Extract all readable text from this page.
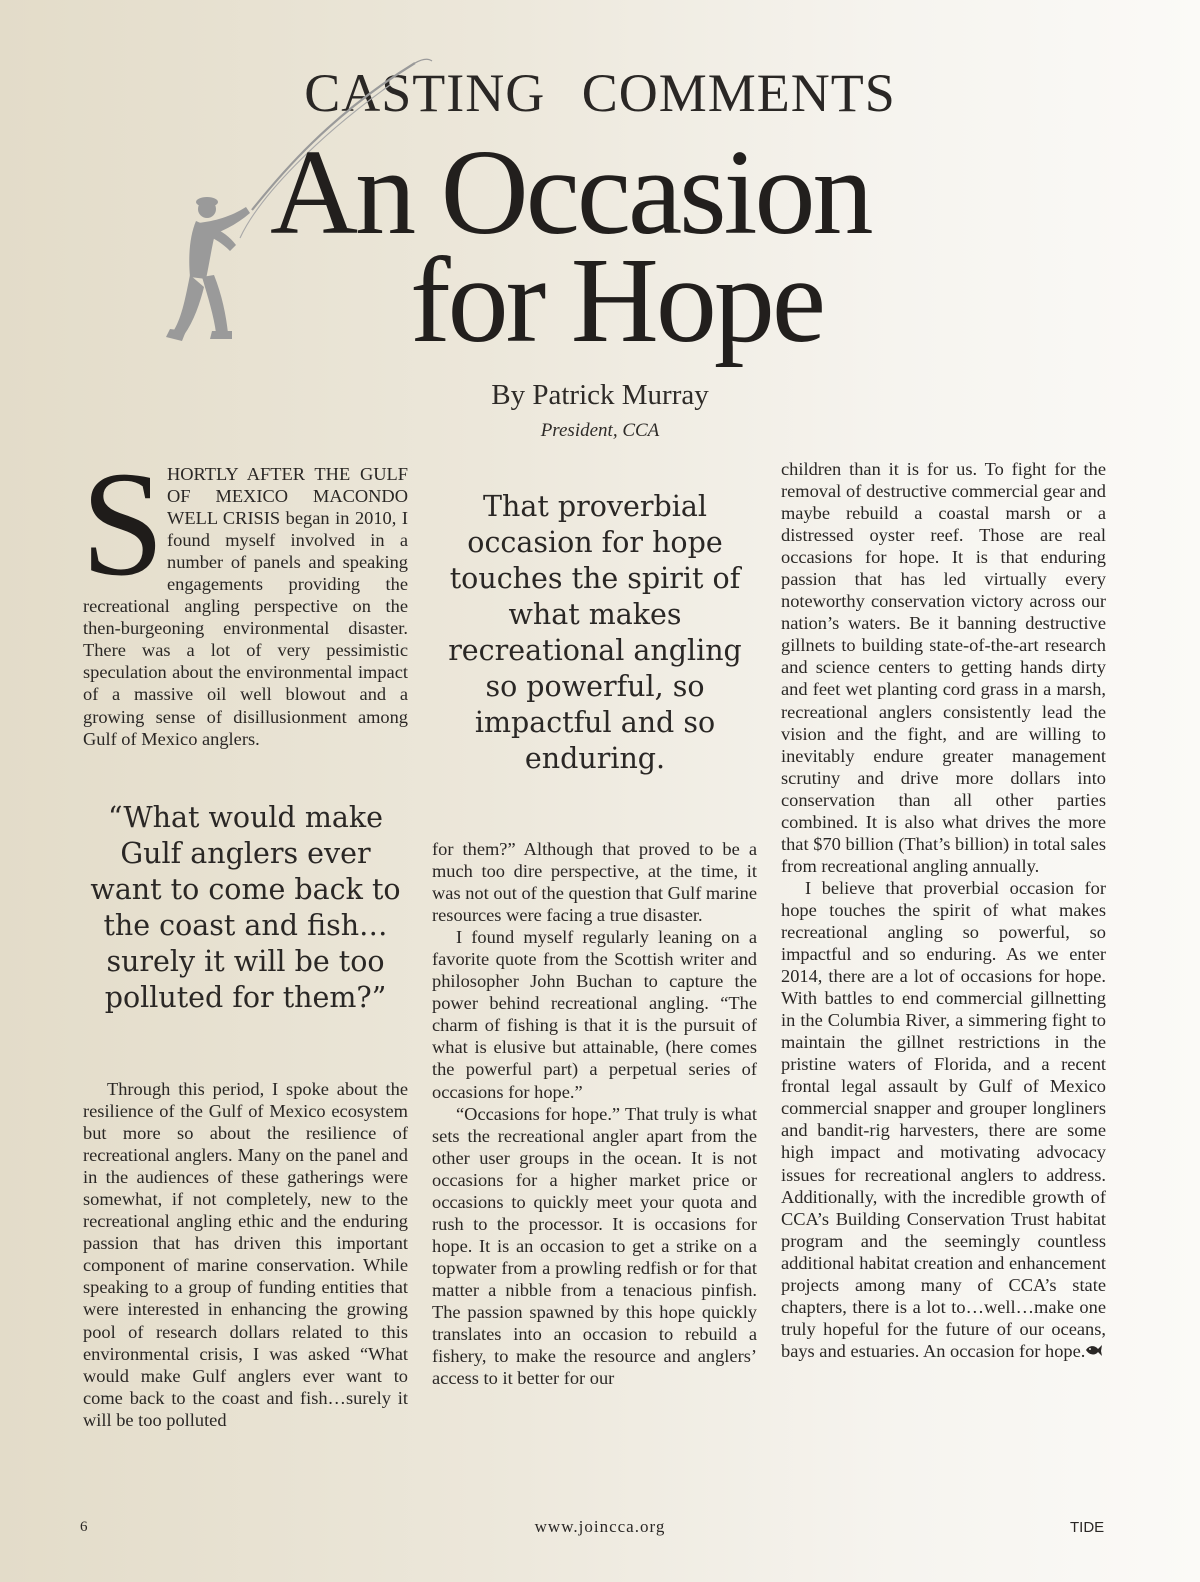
CASTING COMMENTS
An Occasion
for Hope
By Patrick Murray
President, CCA
SHORTLY AFTER THE GULF OF MEXICO MACONDO WELL CRISIS began in 2010, I found myself involved in a number of panels and speaking engagements providing the recreational angling perspective on the then-burgeoning environmental disaster. There was a lot of very pessimistic speculation about the environmental impact of a massive oil well blowout and a growing sense of disillusionment among Gulf of Mexico anglers.
“What would make Gulf anglers ever want to come back to the coast and fish…surely it will be too polluted for them?”
That proverbial occasion for hope touches the spirit of what makes recreational angling so powerful, so impactful and so enduring.

Through this period, I spoke about the resilience of the Gulf of Mexico ecosystem but more so about the resilience of recreational anglers. Many on the panel and in the audiences of these gatherings were somewhat, if not completely, new to the recreational angling ethic and the enduring passion that has driven this important component of marine conservation. While speaking to a group of funding entities that were interested in enhancing the growing pool of research dollars related to this environmental crisis, I was asked “What would make Gulf anglers ever want to come back to the coast and fish…surely it will be too polluted

for them?” Although that proved to be a much too dire perspective, at the time, it was not out of the question that Gulf marine resources were facing a true disaster.

I found myself regularly leaning on a favorite quote from the Scottish writer and philosopher John Buchan to capture the power behind recreational angling. “The charm of fishing is that it is the pursuit of what is elusive but attainable, (here comes the powerful part) a perpetual series of occasions for hope.”

“Occasions for hope.” That truly is what sets the recreational angler apart from the other user groups in the ocean. It is not occasions for a higher market price or occasions to quickly meet your quota and rush to the processor. It is occasions for hope. It is an occasion to get a strike on a topwater from a prowling redfish or for that matter a nibble from a tenacious pinfish. The passion spawned by this hope quickly translates into an occasion to rebuild a fishery, to make the resource and anglers’ access to it better for our

children than it is for us. To fight for the removal of destructive commercial gear and maybe rebuild a coastal marsh or a distressed oyster reef. Those are real occasions for hope. It is that enduring passion that has led virtually every noteworthy conservation victory across our nation’s waters. Be it banning destructive gillnets to building state-of-the-art research and science centers to getting hands dirty and feet wet planting cord grass in a marsh, recreational anglers consistently lead the vision and the fight, and are willing to inevitably endure greater management scrutiny and drive more dollars into conservation than all other parties combined. It is also what drives the more that $70 billion (That’s billion) in total sales from recreational angling annually.

I believe that proverbial occasion for hope touches the spirit of what makes recreational angling so powerful, so impactful and so enduring. As we enter 2014, there are a lot of occasions for hope. With battles to end commercial gillnetting in the Columbia River, a simmering fight to maintain the gillnet restrictions in the pristine waters of Florida, and a recent frontal legal assault by Gulf of Mexico commercial snapper and grouper longliners and bandit-rig harvesters, there are some high impact and motivating advocacy issues for recreational anglers to address. Additionally, with the incredible growth of CCA’s Building Conservation Trust habitat program and the seemingly countless additional habitat creation and enhancement projects among many of CCA’s state chapters, there is a lot to…well…make one truly hopeful for the future of our oceans, bays and estuaries. An occasion for hope.

6	www.joincca.org	TIDE
